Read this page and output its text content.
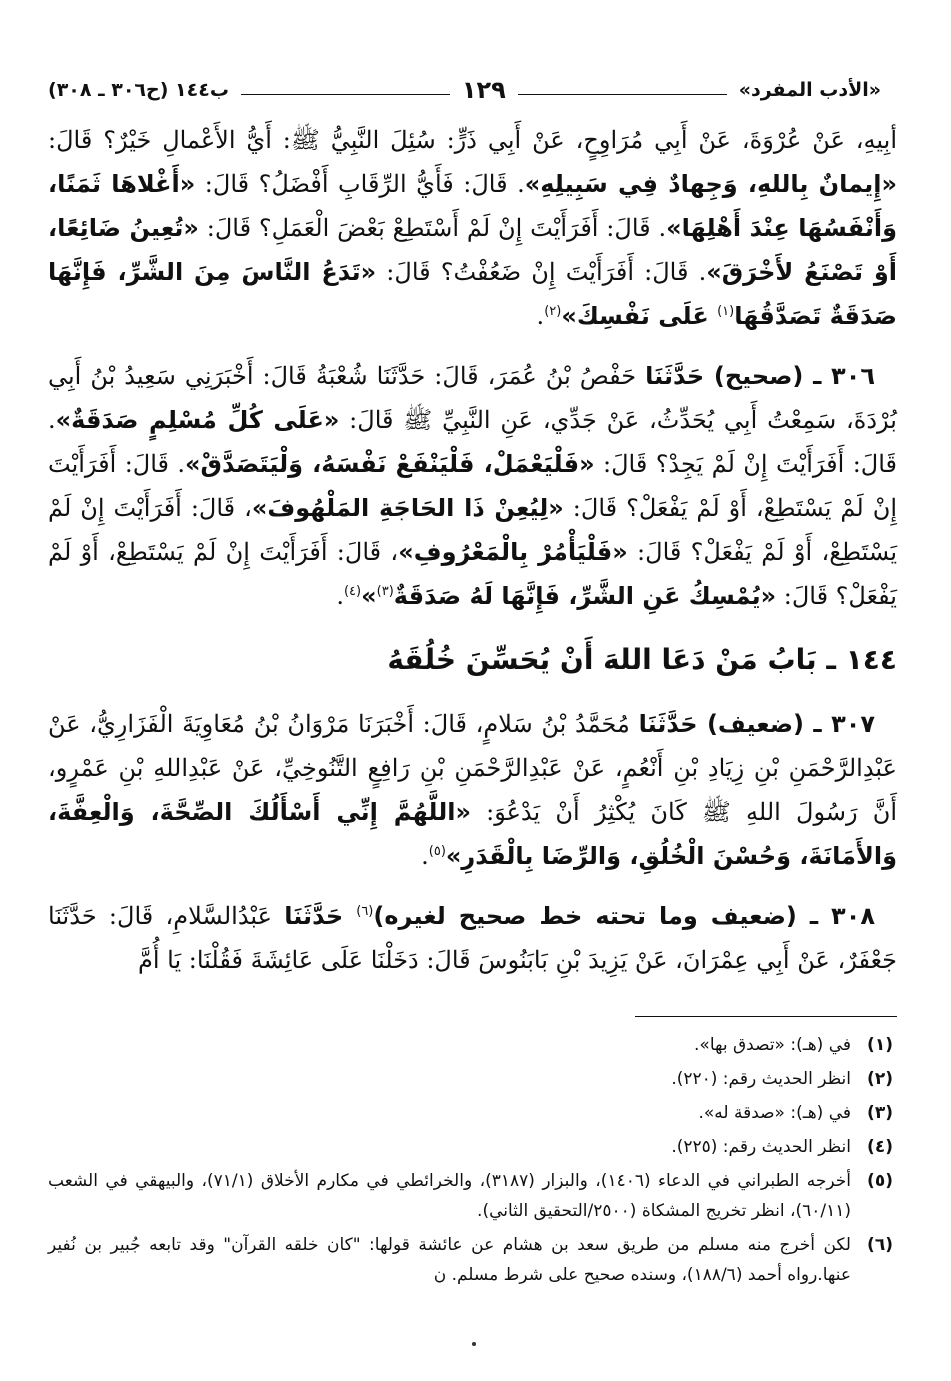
«الأدب المفرد»
١٢٩
ب١٤٤ (ح٣٠٦ ـ ٣٠٨)
أبِيهِ، عَنْ عُرْوَةَ، عَنْ أَبِي مُرَاوِحٍ، عَنْ أَبِي ذَرٍّ: سُئِلَ النَّبِيُّ ﷺ: أَيُّ الأَعْمالِ خَيْرٌ؟ قَالَ: «إِيمانٌ بِاللهِ، وَجِهادٌ فِي سَبِيلِهِ». قَالَ: فَأَيُّ الرِّقَابِ أَفْضَلُ؟ قَالَ: «أَغْلاهَا ثَمَنًا، وَأَنْفَسُهَا عِنْدَ أَهْلِهَا». قَالَ: أَفَرَأَيْتَ إِنْ لَمْ أَسْتَطِعْ بَعْضَ الْعَمَلِ؟ قَالَ: «تُعِينُ ضَائِعًا، أَوْ تَصْنَعُ لأَخْرَقَ». قَالَ: أَفَرَأَيْتَ إِنْ ضَعُفْتُ؟ قَالَ: «تَدَعُ النَّاسَ مِنَ الشَّرِّ، فَإِنَّهَا صَدَقَةٌ تَصَدَّقُهَا$^{(١)}$ عَلَى نَفْسِكَ»$^{(٢)}$.
٣٠٦ ـ (صحيح) حَدَّثَنَا حَفْصُ بْنُ عُمَرَ، قَالَ: حَدَّثَنَا شُعْبَةُ قَالَ: أَخْبَرَنِي سَعِيدُ بْنُ أَبِي بُرْدَةَ، سَمِعْتُ أَبِي يُحَدِّثُ، عَنْ جَدِّي، عَنِ النَّبِيِّ ﷺ قَالَ: «عَلَى كُلِّ مُسْلِمٍ صَدَقَةٌ». قَالَ: أَفَرَأَيْتَ إِنْ لَمْ يَجِدْ؟ قَالَ: «فَلْيَعْمَلْ، فَلْيَنْفَعْ نَفْسَهُ، وَلْيَتَصَدَّقْ». قَالَ: أَفَرَأَيْتَ إِنْ لَمْ يَسْتَطِعْ، أَوْ لَمْ يَفْعَلْ؟ قَالَ: «لِيُعِنْ ذَا الحَاجَةِ المَلْهُوفَ»، قَالَ: أَفَرَأَيْتَ إِنْ لَمْ يَسْتَطِعْ، أَوْ لَمْ يَفْعَلْ؟ قَالَ: «فَلْيَأْمُرْ بِالْمَعْرُوفِ»، قَالَ: أَفَرَأَيْتَ إِنْ لَمْ يَسْتَطِعْ، أَوْ لَمْ يَفْعَلْ؟ قَالَ: «يُمْسِكُ عَنِ الشَّرِّ، فَإِنَّهَا لَهُ صَدَقَةٌ$^{(٣)}$»$^{(٤)}$.
١٤٤ ـ بَابُ مَنْ دَعَا اللهَ أَنْ يُحَسِّنَ خُلُقَهُ
٣٠٧ ـ (ضعيف) حَدَّثَنَا مُحَمَّدُ بْنُ سَلامٍ، قَالَ: أَخْبَرَنَا مَرْوَانُ بْنُ مُعَاوِيَةَ الْفَزَارِيُّ، عَنْ عَبْدِالرَّحْمَنِ بْنِ زِيَادِ بْنِ أَنْعُمٍ، عَنْ عَبْدِالرَّحْمَنِ بْنِ رَافِعٍ التَّنُوخِيِّ، عَنْ عَبْدِاللهِ بْنِ عَمْرٍو، أَنَّ رَسُولَ اللهِ ﷺ كَانَ يُكْثِرُ أَنْ يَدْعُوَ: «اللَّهُمَّ إِنِّي أَسْأَلُكَ الصِّحَّةَ، وَالْعِفَّةَ، وَالأَمَانَةَ، وَحُسْنَ الْخُلُقِ، وَالرِّضَا بِالْقَدَرِ»$^{(٥)}$.
٣٠٨ ـ (ضعيف وما تحته خط صحيح لغيره)$^{(٦)}$ حَدَّثَنَا عَبْدُالسَّلامِ، قَالَ: حَدَّثَنَا جَعْفَرٌ، عَنْ أَبِي عِمْرَانَ، عَنْ يَزِيدَ بْنِ بَابَنُوسَ قَالَ: دَخَلْنَا عَلَى عَائِشَةَ فَقُلْنَا: يَا أُمَّ
(١)
في (هـ): «تصدق بها».
(٢)
انظر الحديث رقم: (٢٢٠).
(٣)
في (هـ): «صدقة له».
(٤)
انظر الحديث رقم: (٢٢٥).
(٥)
أخرجه الطبراني في الدعاء (١٤٠٦)، والبزار (٣١٨٧)، والخرائطي في مكارم الأخلاق (٧١/١)، والبيهقي في الشعب (٦٠/١١)، انظر تخريج المشكاة (٢٥٠٠/التحقيق الثاني).
(٦)
لكن أخرج منه مسلم من طريق سعد بن هشام عن عائشة قولها: "كان خلقه القرآن" وقد تابعه جُبير بن نُفير عنها.رواه أحمد (١٨٨/٦)، وسنده صحيح على شرط مسلم. ن
